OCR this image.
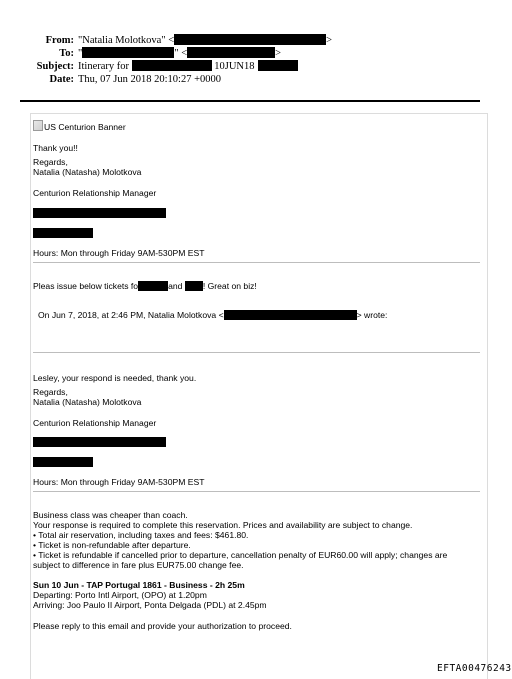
From: "Natalia Molotkova" <	>
To: "	" <	>
Subject: Itinerary for	10JUN18
Date: Thu, 07 Jun 2018 20:10:27 +0000
US Centurion Banner
Thank you!!
Regards,
Natalia (Natasha) Molotkova
Centurion Relationship Manager
Hours: Mon through Friday 9AM-530PM EST
Pleas issue below tickets fo	and ! Great on biz!
On Jun 7, 2018, at 2:46 PM, Natalia Molotkova <	> wrote:
Lesley, your respond is needed, thank you.
Regards,
Natalia (Natasha) Molotkova
Centurion Relationship Manager
Hours: Mon through Friday 9AM-530PM EST
Business class was cheaper than coach.
Your response is required to complete this reservation. Prices and availability are subject to change.
• Total air reservation, including taxes and fees: $461.80.
• Ticket is non-refundable after departure.
• Ticket is refundable if cancelled prior to departure, cancellation penalty of EUR60.00 will apply; changes are
subject to difference in fare plus EUR75.00 change fee.
Sun 10 Jun - TAP Portugal 1861 - Business - 2h 25m
Departing: Porto Intl Airport, (OPO) at 1.20pm
Arriving: Joo Paulo II Airport, Ponta Delgada (PDL) at 2.45pm
Please reply to this email and provide your authorization to proceed.
EFTA00476243
